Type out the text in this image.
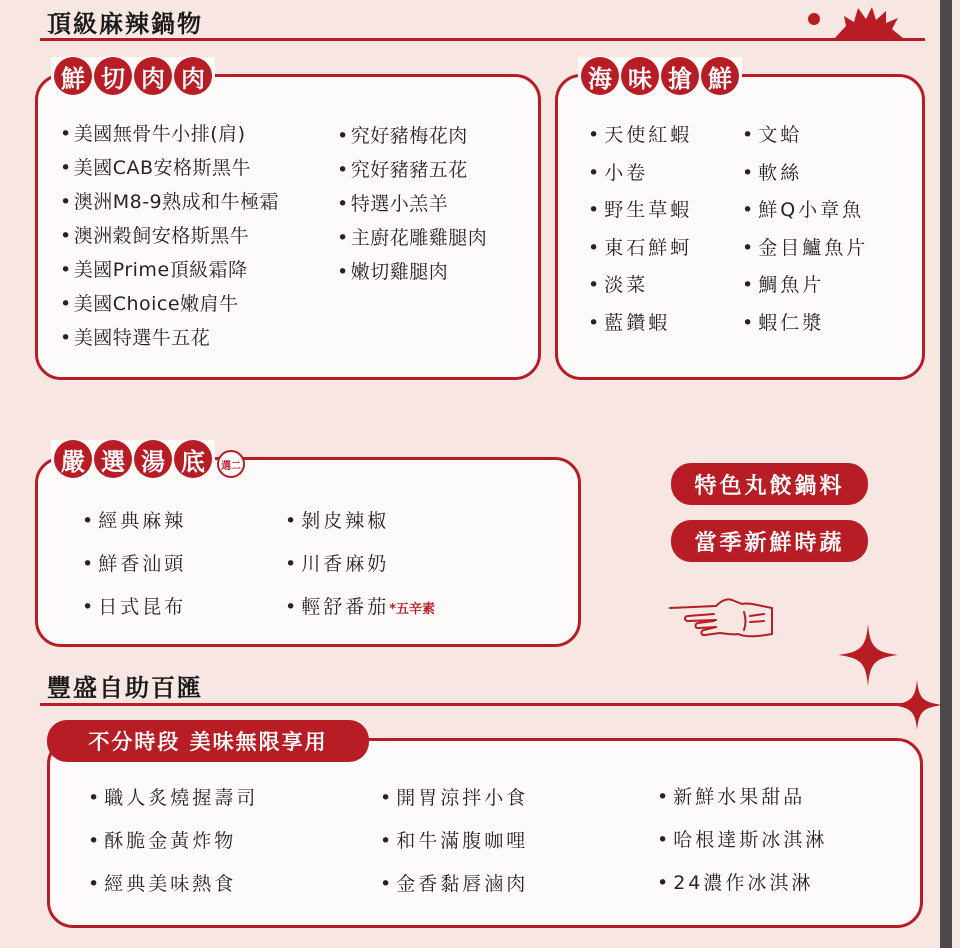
頂級麻辣鍋物
鮮 切 肉 肉
• 美國無骨牛小排(肩)
• 美國CAB安格斯黑牛
• 澳洲M8-9熟成和牛極霜
• 澳洲穀飼安格斯黑牛
• 美國Prime頂級霜降
• 美國Choice嫩肩牛
• 美國特選牛五花
• 究好豬梅花肉
• 究好豬豬五花
• 特選小羔羊
• 主廚花雕雞腿肉
• 嫩切雞腿肉
海 味 搶 鮮
• 天使紅蝦
• 小卷
• 野生草蝦
• 東石鮮蚵
• 淡菜
• 藍鑽蝦
• 文蛤
• 軟絲
• 鮮Q小章魚
• 金目鱸魚片
• 鯛魚片
• 蝦仁漿
嚴 選 湯 底	選二
• 經典麻辣
• 鮮香汕頭
• 日式昆布
• 剝皮辣椒
• 川香麻奶
• 輕舒番茄*五辛素
特色丸餃鍋料
當季新鮮時蔬
豐盛自助百匯
不分時段 美味無限享用
• 職人炙燒握壽司
• 酥脆金黃炸物
• 經典美味熱食
• 開胃涼拌小食
• 和牛滿腹咖哩
• 金香黏唇滷肉
• 新鮮水果甜品
• 哈根達斯冰淇淋
• 24濃作冰淇淋
